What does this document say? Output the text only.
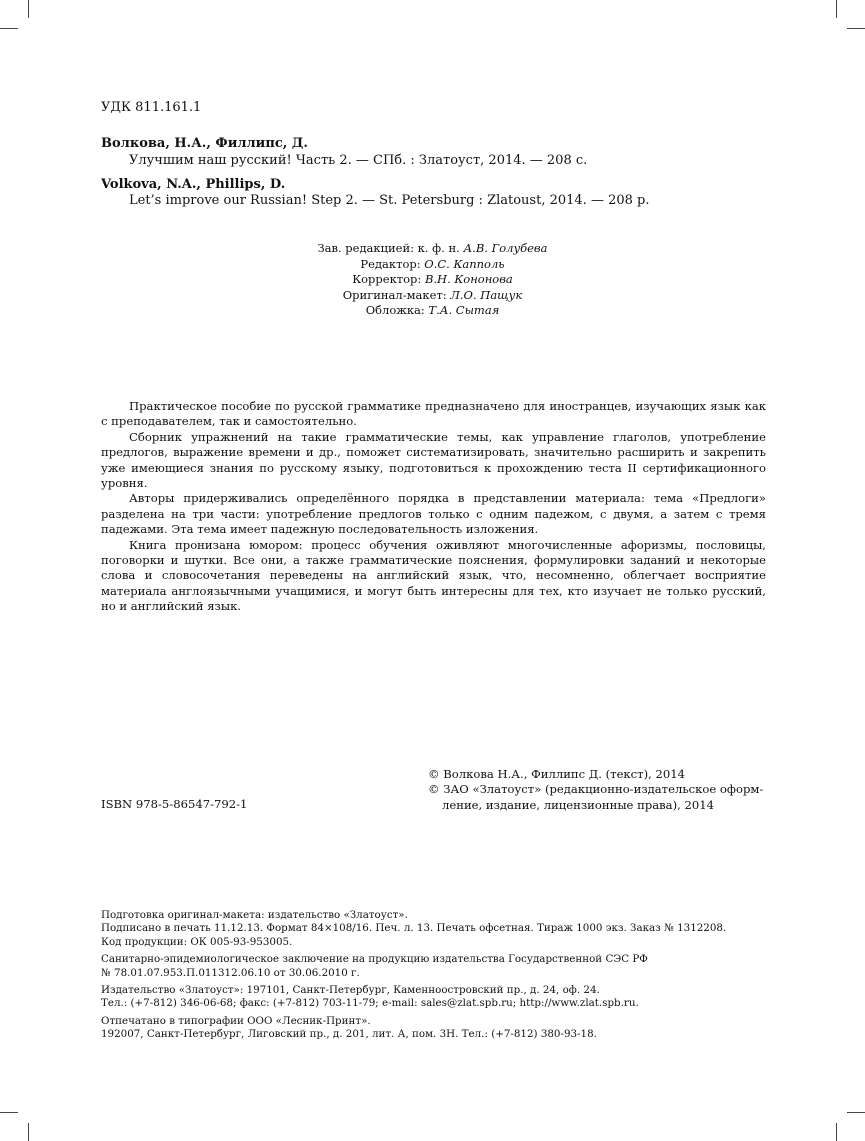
УДК 811.161.1
Волкова, Н.А., Филлипс, Д.
Улучшим наш русский! Часть 2. — СПб. : Златоуст, 2014. — 208 с.
Volkova, N.A., Phillips, D.
Let’s improve our Russian! Step 2. — St. Petersburg : Zlatoust, 2014. — 208 p.
Зав. редакцией: к. ф. н. А.В. Голубева
Редактор: О.С. Капполь
Корректор: В.Н. Кононова
Оригинал-макет: Л.О. Пащук
Обложка: Т.А. Сытая

Практическое пособие по русской грамматике предназначено для иностранцев, изучающих язык как с преподавателем, так и самостоятельно.

Сборник упражнений на такие грамматические темы, как управление глаголов, употребление предлогов, выражение времени и др., поможет систематизировать, значительно расширить и закрепить уже имеющиеся знания по русскому языку, подготовиться к прохождению теста II сертификационного уровня.

Авторы придерживались определённого порядка в представлении материала: тема «Предлоги» разделена на три части: употребление предлогов только с одним падежом, с двумя, а затем с тремя падежами. Эта тема имеет падежную последовательность изложения.

Книга пронизана юмором: процесс обучения оживляют многочисленные афоризмы, пословицы, поговорки и шутки. Все они, а также грамматические пояснения, формулировки заданий и некоторые слова и словосочетания переведены на английский язык, что, несомненно, облегчает восприятие материала англоязычными учащимися, и могут быть интересны для тех, кто изучает не только русский, но и английский язык.

© Волкова Н.А., Филлипс Д. (текст), 2014
© ЗАО «Златоуст» (редакционно-издательское оформ-
ление, издание, лицензионные права), 2014
ISBN 978-5-86547-792-1
Подготовка оригинал-макета: издательство «Златоуст».
Подписано в печать 11.12.13. Формат 84×108/16. Печ. л. 13. Печать офсетная. Тираж 1000 экз. Заказ № 1312208.
Код продукции: ОК 005-93-953005.
Санитарно-эпидемиологическое заключение на продукцию издательства Государственной СЭС РФ
№ 78.01.07.953.П.011312.06.10 от 30.06.2010 г.
Издательство «Златоуст»: 197101, Санкт-Петербург, Каменноостровский пр., д. 24, оф. 24.
Тел.: (+7-812) 346-06-68; факс: (+7-812) 703-11-79; e-mail: sales@zlat.spb.ru; http://www.zlat.spb.ru.
Отпечатано в типографии ООО «Лесник-Принт».
192007, Санкт-Петербург, Лиговский пр., д. 201, лит. А, пом. 3Н. Тел.: (+7-812) 380-93-18.
